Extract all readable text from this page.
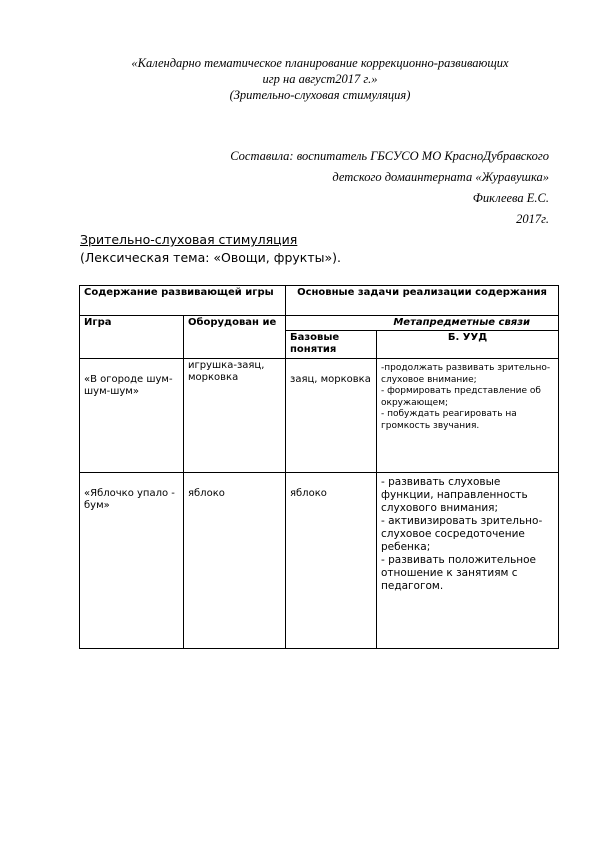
«Календарно тематическое планирование коррекционно-развивающих
игр на август2017 г.»
(Зрительно-слуховая стимуляция)
Составила: воспитатель ГБСУСО МО КрасноДубравского
детского домаинтерната «Журавушка»
Фиклеева Е.С.
2017г.
Зрительно-слуховая стимуляция
(Лексическая тема: «Овощи, фрукты»).
Содержание развивающей игры		Основные задачи реализации содержания	
Игра	Оборудован ие	Метапредметные связи	
		Базовые понятия	Б. УУД
«В огороде шум-шум-шум»	игрушка-заяц, морковка	заяц, морковка	-продолжать развивать зрительно-слуховое внимание;
- формировать представление об окружающем;
- побуждать реагировать на громкость звучания.
«Яблочко упало - бум»	яблоко	яблоко	- развивать слуховые функции, направленность слухового внимания;
- активизировать зрительно-слуховое сосредоточение ребенка;
- развивать положительное отношение к занятиям с педагогом.
